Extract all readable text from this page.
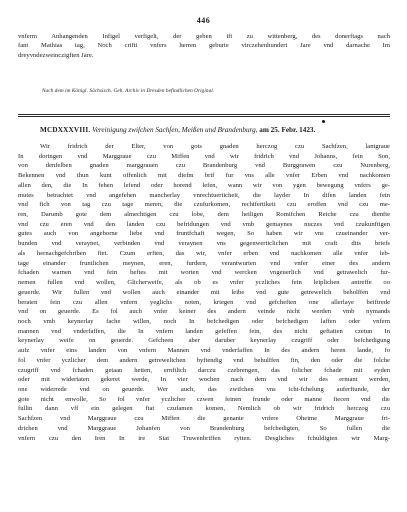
446
vnferm Anhangenden Infigel verfigelt, der geben ift zu wittenberg, des donerftags nach
fant Mathias tag, Noch crifti vnfers herren geburte virczehenhundert Jare vnd darnache Im
dreyvndezweinczigften Jare.
Nach dem im Königl. Sächsisch. Geh. Archiv in Dresden befindlichen Original.
MCDXXXVIII. Vereinigung zwiſchen Sachſen, Meißen und Brandenburg, am 25. Febr. 1423.
Wir fridrich der Elter, von gots gnaden herczog czu Sachfzen, lantgraue
In doringen vnd Marggraue czu Miffen vnd wir fridrich vnd Johanns, fein Son,
von denfelben gnaden marggrauen czu Brandenburg vnd Burggrawen czu Nurenberg,
Bekennen vnd thun kunt offenlich mit diefm brif fur vns alle vnfer Erben vnd nachkomen
allen den, die In fehen lefend oder horend lefen, wann wir von ygen bewegung vnfers ge-
mutes betrachtet vnd angefehen mancherlay vnrechtuerticheit, die layder In difen landen fein
vnd fich von tag czu tage meren, die czufurkomen, rechtfertikeit czu eroffen vnd czu mе-
ren, Darumb gote dem almechtigen czu lobe, dem heiligen Romifchen Reiche czu dienfte
vnd czu eren vnd den landen czu befridungen vnd vmb gemaynes nuczes vnd czukunftigen
gutes auch von angeborne liebe vnd fruntfchaft wegen, So haben wir vns czueinander ver-
bunden vnd verаynet, verbinden vnd veraynen vns gegenwerticlichen mit craft dits briefs
als hernachgefchriben ftet. Czum erften, das wir, vnfer erben vnd nachkomen alle vnfer leb-
tage einander fruntlichen meynen, eren, furdern, verantwurten vnd vnfer einer des andern
fchaden warnen vnd fein beftes mit worten vnd wercken vngeuerlich vnd getrawelich fur-
nemen fullen vnd wollen, Glicherweife, als ob es vnfer yczliches fein leiplichen antreffe oo
geuerde. Wir fullen vnd wollen auch einander mit leibe vnd gute getrewelich beholffen vnd
beraten fein czu allen vnfern yeglichs noten, kriegen vnd gefcheften one allerlaye beiftrede
vnd on geuerde. Es fol auch vnfer keiner des andern veinde nicht werden vmb nymands
noch vmb keynerlay fache willen, noch In befchedigen oder befchedigen laffen oder vnfern
mannen vnd vnderfaffen, die In vnfern landen gefeffen fein, des nicht geftatten czetun In
keynerlay weife on geuerde. Gefcheen aber daruber keynerlay czugriff oder befchedigung
aufz vnfer eins landen von vnfern Mannen vnd vnderfaffen In des andern heren lande, fo
fol vnfer yczlicher dem andern getrewelichen byftendig vnd behulffen fin, den oder die folche
czugriff vnd fchaden getaan hetten, ernftlich darczu czebrengen, das folicher fchade mit eyden
oder mit widertaten gekeret werde, In vier wochen nach dem vnd wir des ermant werden,
one widerrede vnd on geuerde. Wer auch, das zwifchen vns icht-fchelung auferftunde, der
gote nicht enwolle, So fol vnfer yczlicher czwen feinen frunde oder manne fiecen vnd die
fullin dann vff ein gelegen ftat czufamen komen, Nemlich ob wir fridrich herczog czu
Sachfzen vnd Marggraue czu Miffen die genante vnfere Oheime Marggraue fri-
drichen vnd Marggraue Johanfen von Brandenburg befchedigten, So fullen die
vnfern czu den Iren In ire Stat Truwenbriffen rytten. Desgliches fchuldigten wir Marg-
